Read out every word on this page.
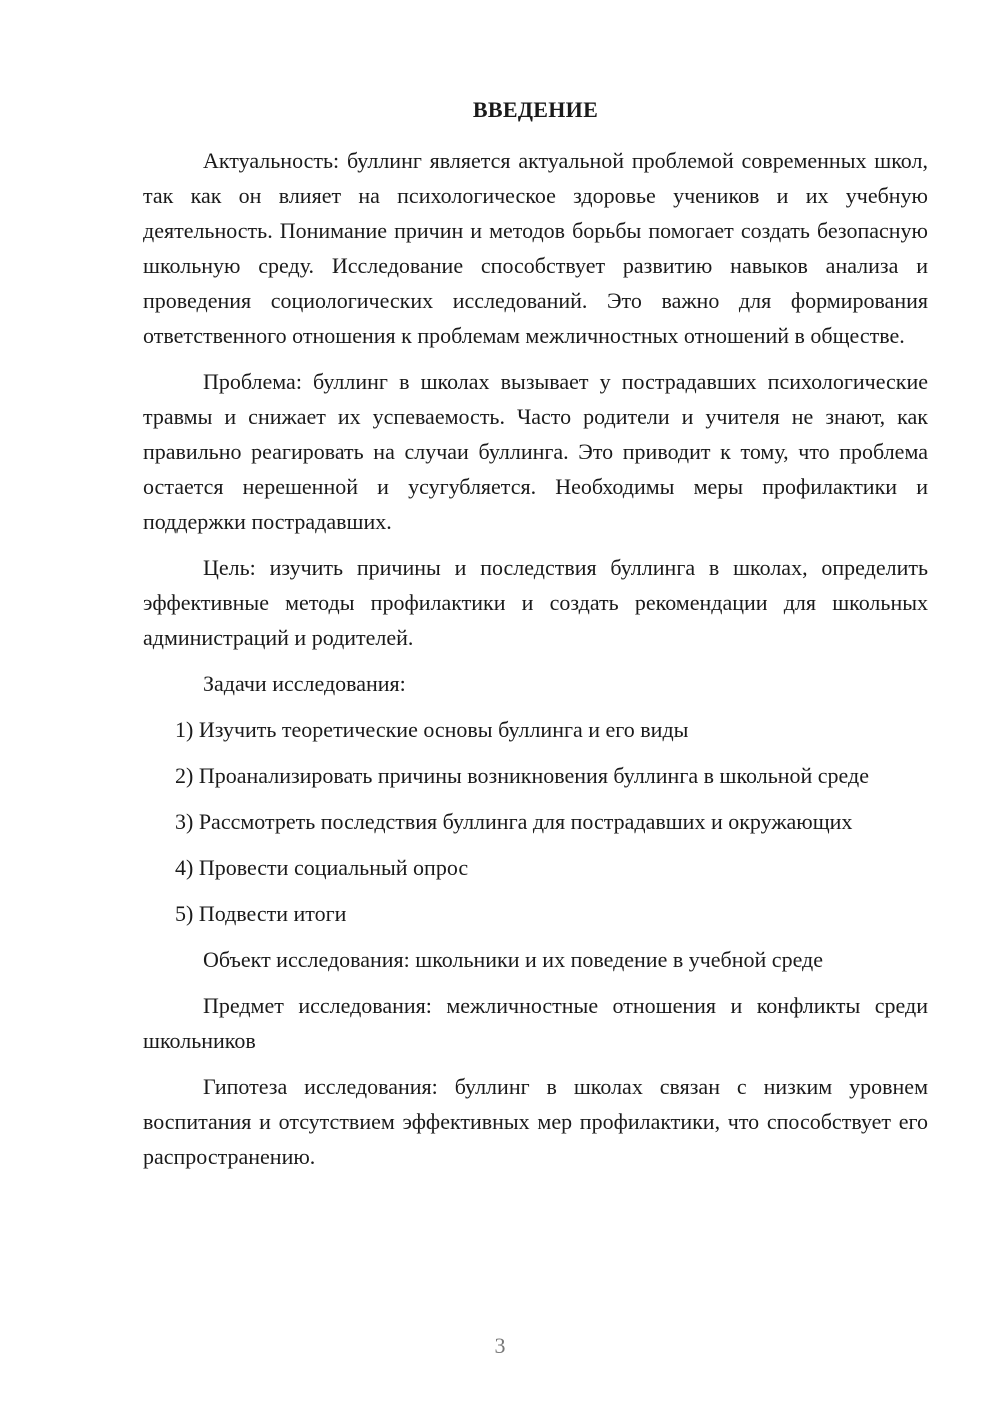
ВВЕДЕНИЕ

Актуальность: буллинг является актуальной проблемой современных школ, так как он влияет на психологическое здоровье учеников и их учебную деятельность. Понимание причин и методов борьбы помогает создать безопасную школьную среду. Исследование способствует развитию навыков анализа и проведения социологических исследований. Это важно для формирования ответственного отношения к проблемам межличностных отношений в обществе.

Проблема: буллинг в школах вызывает у пострадавших психологические травмы и снижает их успеваемость. Часто родители и учителя не знают, как правильно реагировать на случаи буллинга. Это приводит к тому, что проблема остается нерешенной и усугубляется. Необходимы меры профилактики и поддержки пострадавших.

Цель: изучить причины и последствия буллинга в школах, определить эффективные методы профилактики и создать рекомендации для школьных администраций и родителей.

Задачи исследования:

1) Изучить теоретические основы буллинга и его виды

2) Проанализировать причины возникновения буллинга в школьной среде

3) Рассмотреть последствия буллинга для пострадавших и окружающих

4) Провести социальный опрос

5) Подвести итоги

Объект исследования: школьники и их поведение в учебной среде

Предмет исследования: межличностные отношения и конфликты среди школьников

Гипотеза исследования: буллинг в школах связан с низким уровнем воспитания и отсутствием эффективных мер профилактики, что способствует его распространению.

3
